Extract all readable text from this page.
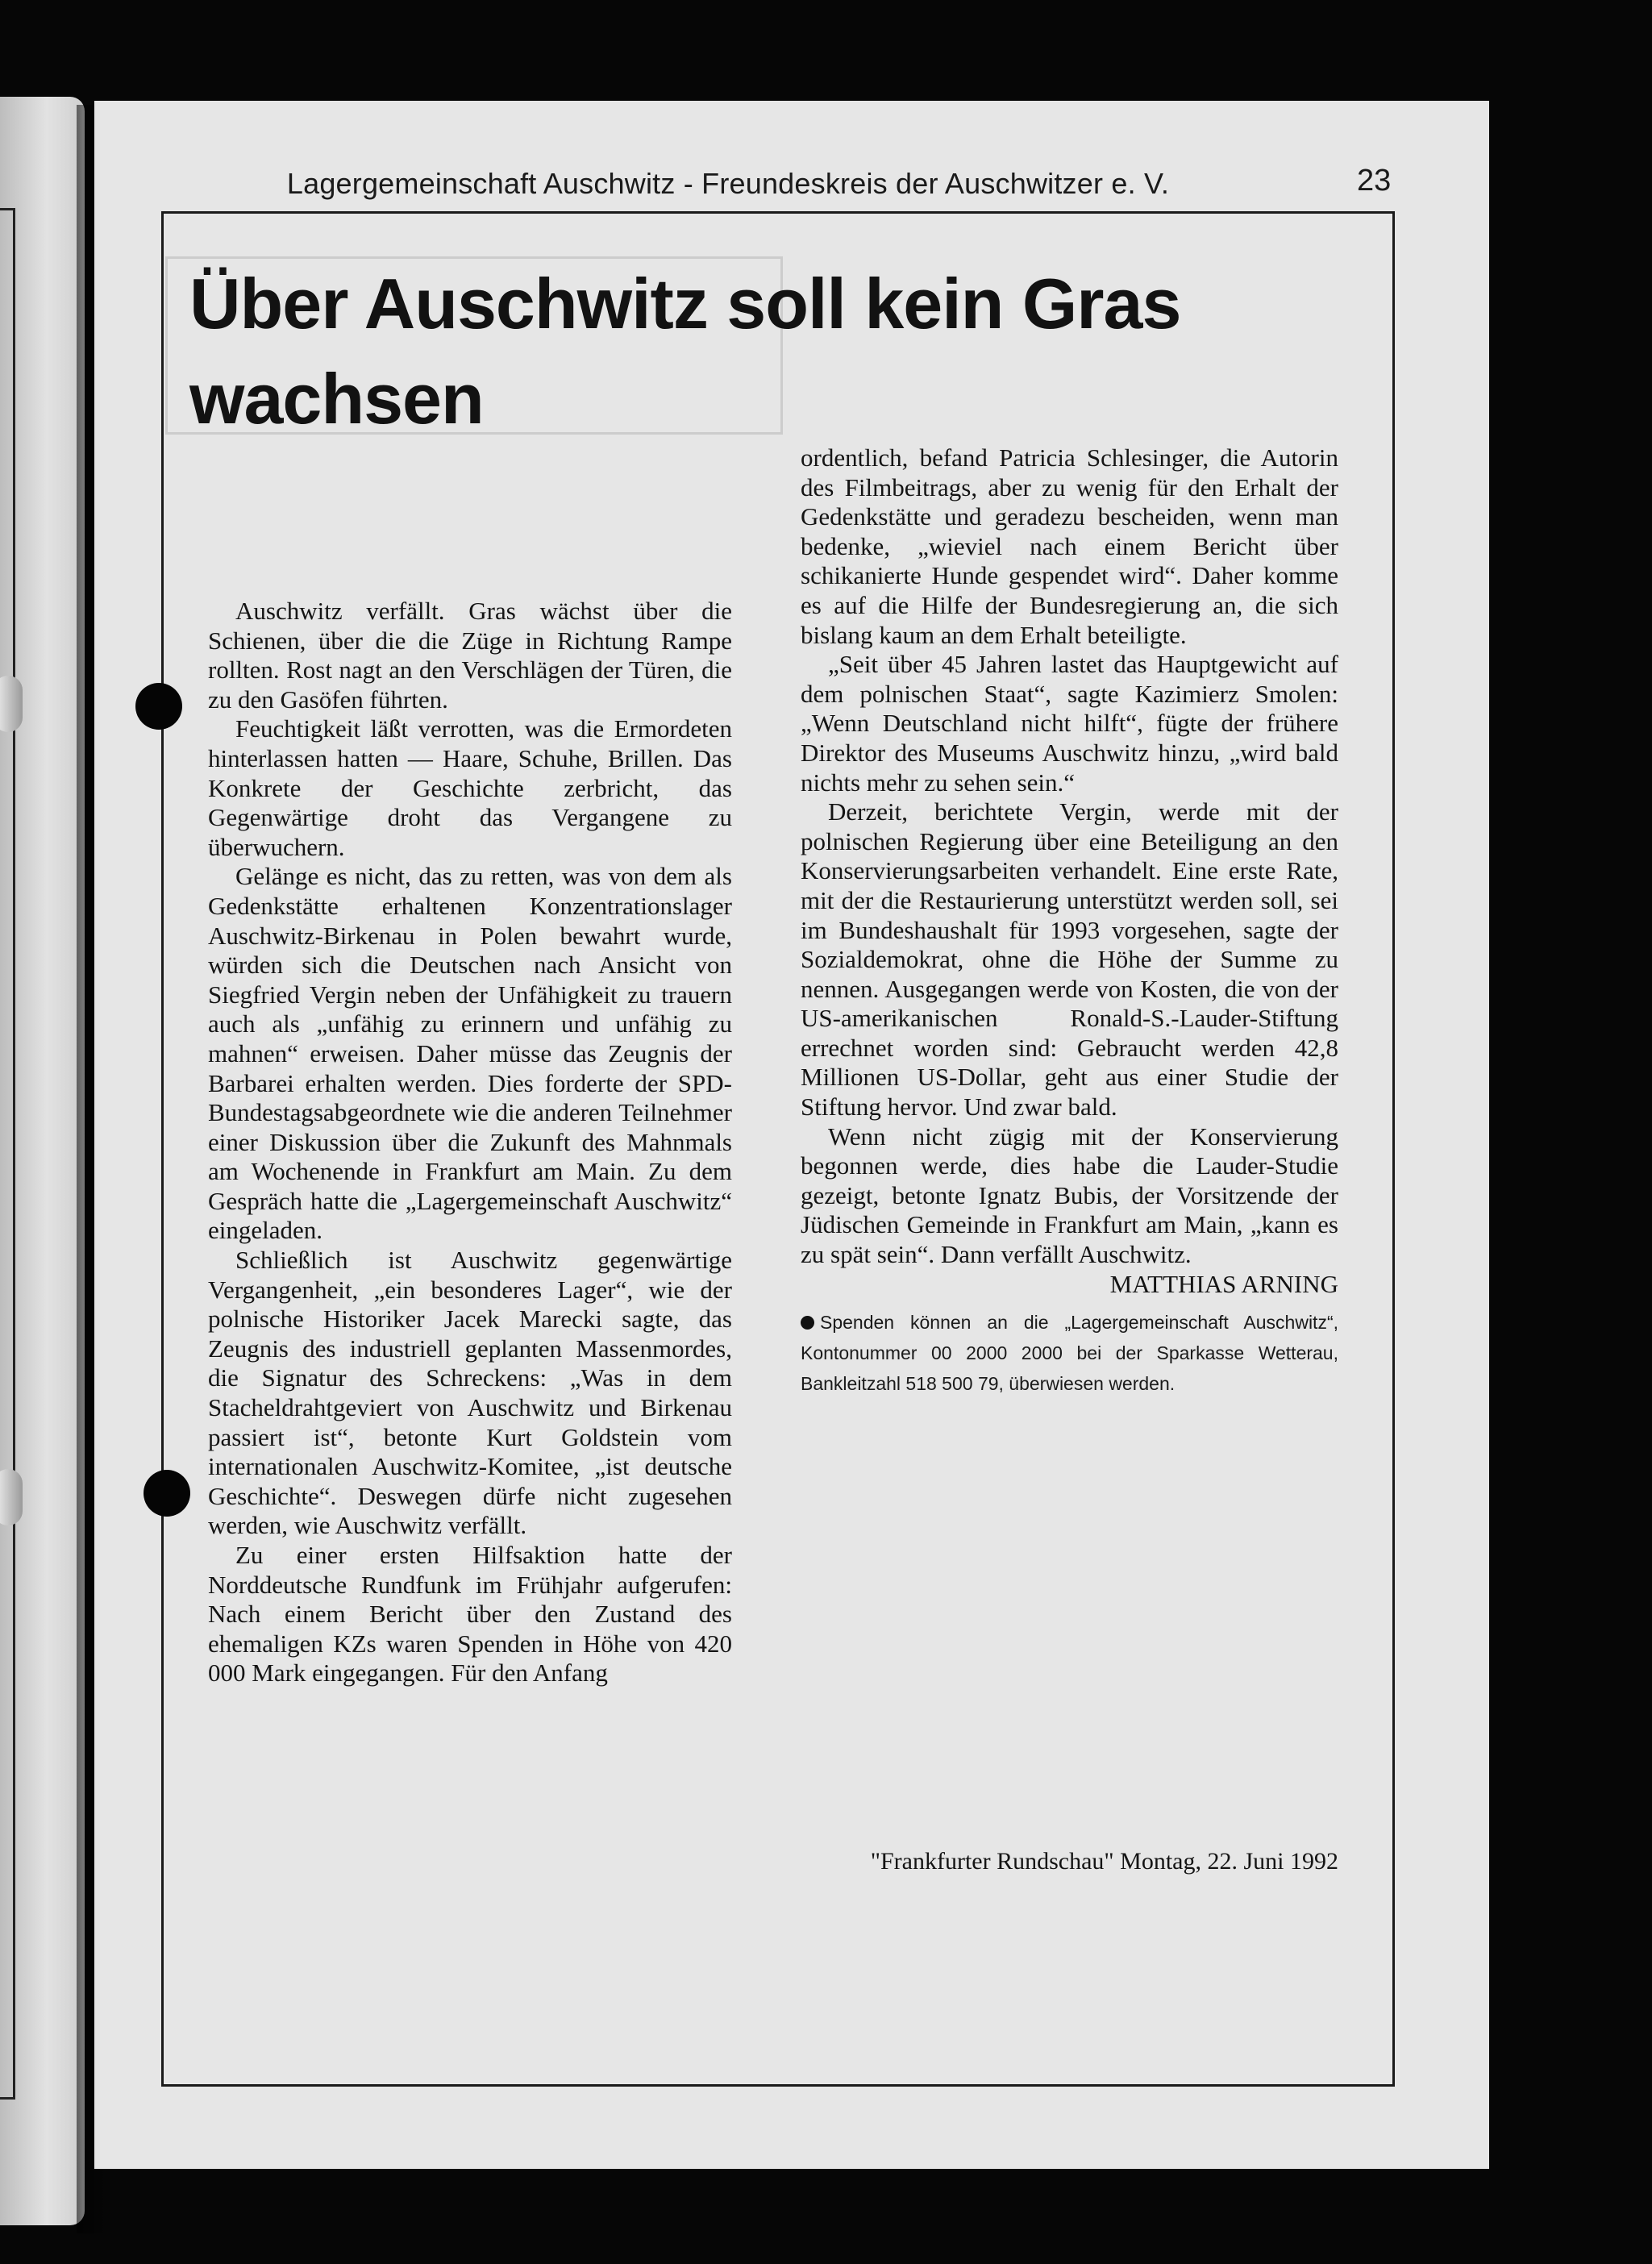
Lagergemeinschaft Auschwitz - Freundeskreis der Auschwitzer e. V.	23
Über Auschwitz soll kein Gras
wachsen

Auschwitz verfällt. Gras wächst über die Schienen, über die die Züge in Richtung Rampe rollten. Rost nagt an den Verschlägen der Türen, die zu den Gasöfen führten.

Feuchtigkeit läßt verrotten, was die Ermordeten hinterlassen hatten — Haare, Schuhe, Brillen. Das Konkrete der Geschichte zerbricht, das Gegenwärtige droht das Vergangene zu überwuchern.

Gelänge es nicht, das zu retten, was von dem als Gedenkstätte erhaltenen Konzentrationslager Auschwitz-Birkenau in Polen bewahrt wurde, würden sich die Deutschen nach Ansicht von Siegfried Vergin neben der Unfähigkeit zu trauern auch als „unfähig zu erinnern und unfähig zu mahnen“ erweisen. Daher müsse das Zeugnis der Barbarei erhalten werden. Dies forderte der SPD-Bundestagsabgeordnete wie die anderen Teilnehmer einer Diskussion über die Zukunft des Mahnmals am Wochenende in Frankfurt am Main. Zu dem Gespräch hatte die „Lagergemeinschaft Auschwitz“ eingeladen.

Schließlich ist Auschwitz gegenwärtige Vergangenheit, „ein besonderes Lager“, wie der polnische Historiker Jacek Marecki sagte, das Zeugnis des industriell geplanten Massenmordes, die Signatur des Schreckens: „Was in dem Stacheldrahtgeviert von Auschwitz und Birkenau passiert ist“, betonte Kurt Goldstein vom internationalen Auschwitz-Komitee, „ist deutsche Geschichte“. Deswegen dürfe nicht zugesehen werden, wie Auschwitz verfällt.

Zu einer ersten Hilfsaktion hatte der Norddeutsche Rundfunk im Frühjahr aufgerufen: Nach einem Bericht über den Zustand des ehemaligen KZs waren Spenden in Höhe von 420 000 Mark eingegangen. Für den Anfang

ordentlich, befand Patricia Schlesinger, die Autorin des Filmbeitrags, aber zu wenig für den Erhalt der Gedenkstätte und geradezu bescheiden, wenn man bedenke, „wieviel nach einem Bericht über schikanierte Hunde gespendet wird“. Daher komme es auf die Hilfe der Bundesregierung an, die sich bislang kaum an dem Erhalt beteiligte.

„Seit über 45 Jahren lastet das Hauptgewicht auf dem polnischen Staat“, sagte Kazimierz Smolen: „Wenn Deutschland nicht hilft“, fügte der frühere Direktor des Museums Auschwitz hinzu, „wird bald nichts mehr zu sehen sein.“

Derzeit, berichtete Vergin, werde mit der polnischen Regierung über eine Beteiligung an den Konservierungsarbeiten verhandelt. Eine erste Rate, mit der die Restaurierung unterstützt werden soll, sei im Bundeshaushalt für 1993 vorgesehen, sagte der Sozialdemokrat, ohne die Höhe der Summe zu nennen. Ausgegangen werde von Kosten, die von der US-amerikanischen Ronald-S.-Lauder-Stiftung errechnet worden sind: Gebraucht werden 42,8 Millionen US-Dollar, geht aus einer Studie der Stiftung hervor. Und zwar bald.

Wenn nicht zügig mit der Konservierung begonnen werde, dies habe die Lauder-Studie gezeigt, betonte Ignatz Bubis, der Vorsitzende der Jüdischen Gemeinde in Frankfurt am Main, „kann es zu spät sein“. Dann verfällt Auschwitz.

MATTHIAS ARNING

Spenden können an die „Lagergemeinschaft Auschwitz“, Kontonummer 00 2000 2000 bei der Sparkasse Wetterau, Bankleitzahl 518 500 79, überwiesen werden.
"Frankfurter Rundschau" Montag, 22. Juni 1992
